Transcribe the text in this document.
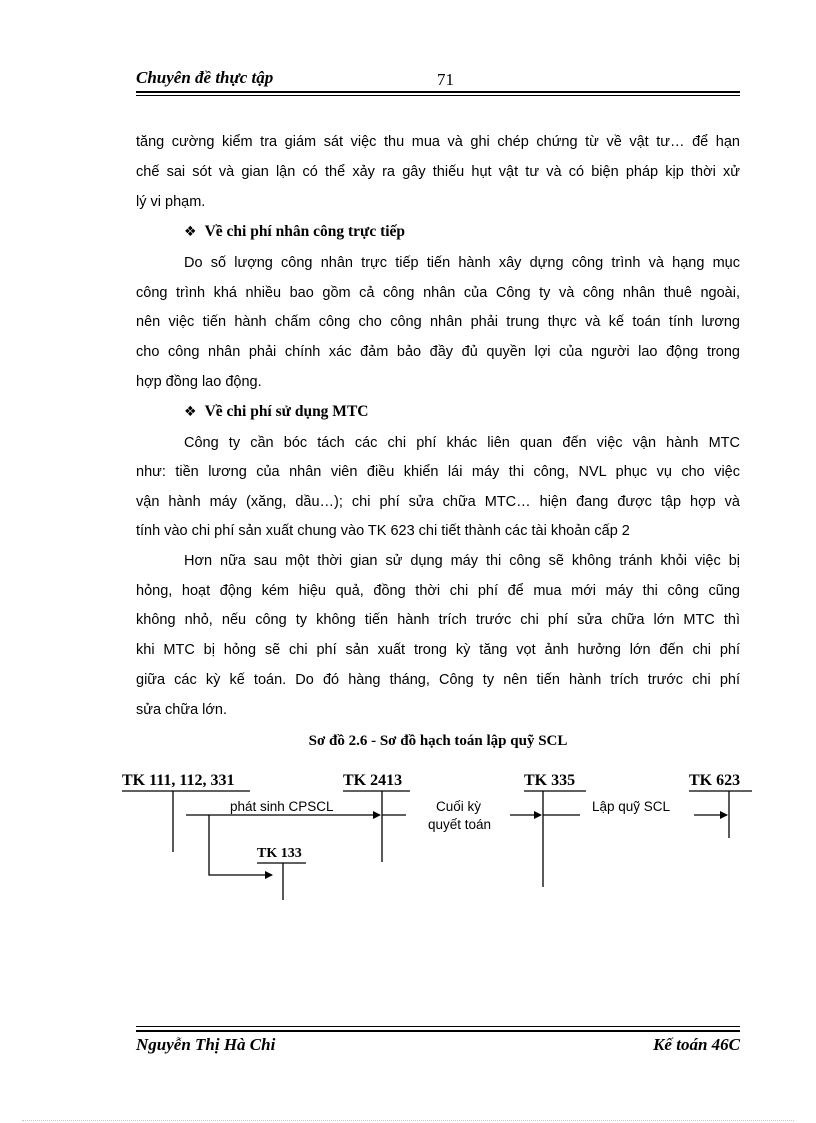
Chuyên đề thực tập	71
tăng cường kiểm tra giám sát việc thu mua và ghi chép chứng từ về vật tư… để hạn
chế sai sót và gian lận có thể xảy ra gây thiếu hụt vật tư và có biện pháp kịp thời xử
lý vi phạm.
❖ Về chi phí nhân công trực tiếp
Do số lượng công nhân trực tiếp tiến hành xây dựng công trình và hạng mục
công trình khá nhiều bao gồm cả công nhân của Công ty và công nhân thuê ngoài,
nên việc tiến hành chấm công cho công nhân phải trung thực và kế toán tính lương
cho công nhân phải chính xác đảm bảo đầy đủ quyền lợi của người lao động trong
hợp đồng lao động.
❖ Về chi phí sử dụng MTC
Công ty cần bóc tách các chi phí khác liên quan đến việc vận hành MTC
như: tiền lương của nhân viên điều khiển lái máy thi công, NVL phục vụ cho việc
vận hành máy (xăng, dầu…); chi phí sửa chữa MTC… hiện đang được tập hợp và
tính vào chi phí sản xuất chung vào TK 623 chi tiết thành các tài khoản cấp 2
Hơn nữa sau một thời gian sử dụng máy thi công sẽ không tránh khỏi việc bị
hỏng, hoạt động kém hiệu quả, đồng thời chi phí để mua mới máy thi công cũng
không nhỏ, nếu công ty không tiến hành trích trước chi phí sửa chữa lớn MTC thì
khi MTC bị hỏng sẽ chi phí sản xuất trong kỳ tăng vọt ảnh hưởng lớn đến chi phí
giữa các kỳ kế toán. Do đó hàng tháng, Công ty nên tiến hành trích trước chi phí
sửa chữa lớn.
Sơ đồ 2.6 - Sơ đồ hạch toán lập quỹ SCL
TK 111, 112, 331	TK 2413	TK 335	TK 623
TK 133
phát sinh CPSCL	Cuối kỳ
quyết toán
Lập quỹ SCL
Nguyễn Thị Hà Chi	Kế toán 46C
